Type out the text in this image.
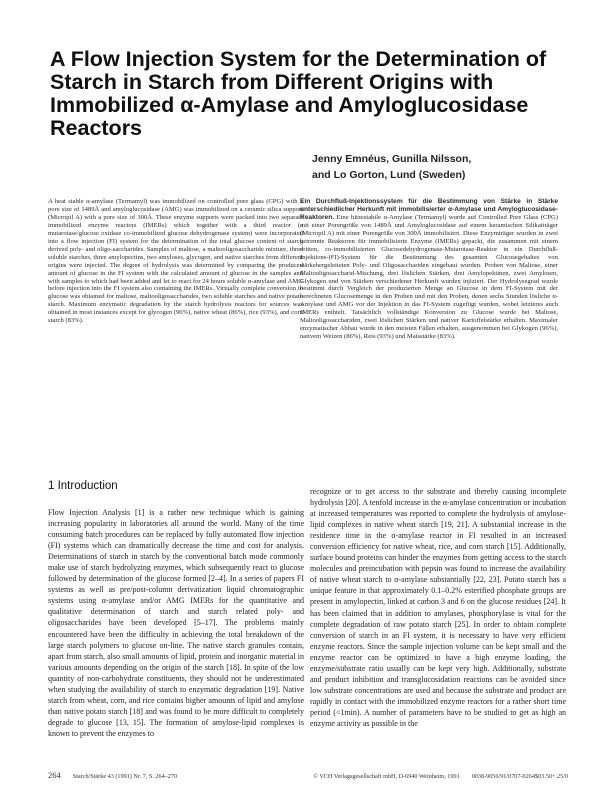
A Flow Injection System for the Determination of Starch in Starch from Different Origins with Immobilized α-Amylase and Amyloglucosidase Reactors
Jenny Emnéus, Gunilla Nilsson,
and Lo Gorton, Lund (Sweden)
A heat stable α-amylase (Termamyl) was immobilized on controlled pore glass (CPG) with a pore size of 1489Å and amyloglucosidase (AMG) was immobilized on a ceramic silica support (Micropil A) with a pore size of 300Å. These enzyme supports were packed into two separate immobilized enzyme reactors (IMERs) which together with a third reactor (a mutarotase/glucose oxidase co-immobilized glucose dehydrogenase system) were incorporated into a flow injection (FI) system for the determination of the total glucose content of starch derived poly- and oligo-saccharides. Samples of maltose, a maltooligosaccharide mixture, three soluble starches, three amylopectins, two amyloses, glycogen, and native starches from different origins were injected. The degree of hydrolysis was determined by comparing the produced amount of glucose in the FI system with the calculated amount of glucose in the samples and with samples to which had been added and let to react for 24 hours soluble α-amylase and AMG before injection into the FI system also containing the IMERs. Virtually complete conversion to glucose was obtained for maltose, maltooligosaccharides, two soluble starches and native potato starch. Maximum enzymatic degradation by the starch hydrolysis reactors for sources was obtained in most instances except for glycogen (96%), native wheat (86%), rice (93%), and corn starch (83%).
Ein Durchfluß-Injektionssystem für die Bestimmung von Stärke in Stärke unterschiedlicher Herkunft mit immobilisierter α-Amylase und Amyloglucosidase-Reaktoren. Eine hitzestabile α-Amylase (Termamyl) wurde auf Controlled Pore Glass (CPG) mit einer Porengröße von 1489Å und Amyloglucosidase auf einem keramischen Silikatträger (Micropil A) mit einer Porengröße von 300Å immobilisiert. Diese Enzymträger wurden in zwei getrennte Reaktoren für immobilisierte Enzyme (IMERs) gepackt, die zusammen mit einem dritten, co-immobilisierten Glucosedehydrogenase-Mutarotase-Reaktor in ein Durchfluß-Injektions-(FI)-System für die Bestimmung des gesamten Glucosegehaltes von stärkehergeleiteten Poly- und Oligosacchariden eingebaut wurden. Proben von Maltose, einer Maltooligosaccharid-Mischung, drei löslichen Stärken, drei Amylopektinen, zwei Amylosen, Glykogen und von Stärken verschiedener Herkunft wurden injiziert. Der Hydrolysegrad wurde bestimmt durch Vergleich der produzierten Menge an Glucose in dem FI-System mit der berechneten Glucosemenge in den Proben und mit den Proben, denen sechs Stunden lösliche α-Amylase und AMG vor der Injektion in das FI-System zugefügt wurden, wobei letzteres auch IMERs enthielt. Tatsächlich vollständige Konversion zu Glucose wurde bei Maltose, Maltooligosacchariden, zwei löslichen Stärken und nativer Kartoffelstärke erhalten. Maximaler enzymatischer Abbau wurde in den meisten Fällen erhalten, ausgenommen bei Glykogen (96%), nativem Weizen (86%), Reis (93%) und Maisstärke (83%).
1 Introduction
Flow Injection Analysis [1] is a rather new technique which is gaining increasing popularity in laboratories all around the world. Many of the time consuming batch procedures can be replaced by fully automated flow injection (FI) systems which can dramatically decrease the time and cost for analysis. Determinations of starch in starch by the conventional batch mode commonly make use of starch hydrolyzing enzymes, which subsequently react to glucose followed by determination of the glucose formed [2–4]. In a series of papers FI systems as well as pre/post-column derivatization liquid chromatographic systems using α-amylase and/or AMG IMERs for the quantitative and qualitative determination of starch and starch related poly- and oligosaccharides have been developed [5–17]. The problems mainly encountered have been the difficulty in achieving the total breakdown of the large starch polymers to glucose on-line. The native starch granules contain, apart from starch, also small amounts of lipid, protein and inorganic material in various amounts depending on the origin of the starch [18]. In spite of the low quantity of non-carbohydrate constituents, they should not be underestimated when studying the availability of starch to enzymatic degradation [19]. Native starch from wheat, corn, and rice contains higher amounts of lipid and amylose than native potato starch [18] and was found to be more difficult to completely degrade to glucose [13, 15]. The formation of amylose-lipid complexes is known to prevent the enzymes to
recognize or to get access to the substrate and thereby causing incomplete hydrolysis [20]. A tenfold increase in the α-amylase concentration or incubation at increased temperatures was reported to complete the hydrolysis of amylose-lipid complexes in native wheat starch [19, 21]. A substantial increase in the residence time in the α-amylase reactor in FI resulted in an increased conversion efficiency for native wheat, rice, and corn starch [15]. Additionally, surface bound proteins can hinder the enzymes from getting access to the starch molecules and preincubation with pepsin was found to increase the availability of native wheat starch to α-amylase substantially [22, 23]. Potato starch has a unique feature in that approximately 0.1–0.2% esterified phosphate groups are present in amylopectin, linked at carbon 3 and 6 on the glucose residues [24]. It has been claimed that in addition to amylases, phosphorylase is vital for the complete degradation of raw potato starch [25]. In order to obtain complete conversion of starch in an FI system, it is necessary to have very efficient enzyme reactors. Since the sample injection volume can be kept small and the enzyme reactor can be optimized to have a high enzyme loading, the enzyme/substrate ratio usually can be kept very high. Additionally, substrate and product inhibition and transglucosidation reactions can be avoided since low substrate concentrations are used and because the substrate and product are rapidly in contact with the immobilized enzyme reactors for a rather short time period (<1min). A number of parameters have to be studied to get as high an enzyme activity as possible in the
264 Starch/Stärke 43 (1991) Nr. 7, S. 264–270	© VCH Verlagsgesellschaft mbH, D-6940 Weinheim, 1991 0038-9056/91/0707-0264$03.50+.25/0
